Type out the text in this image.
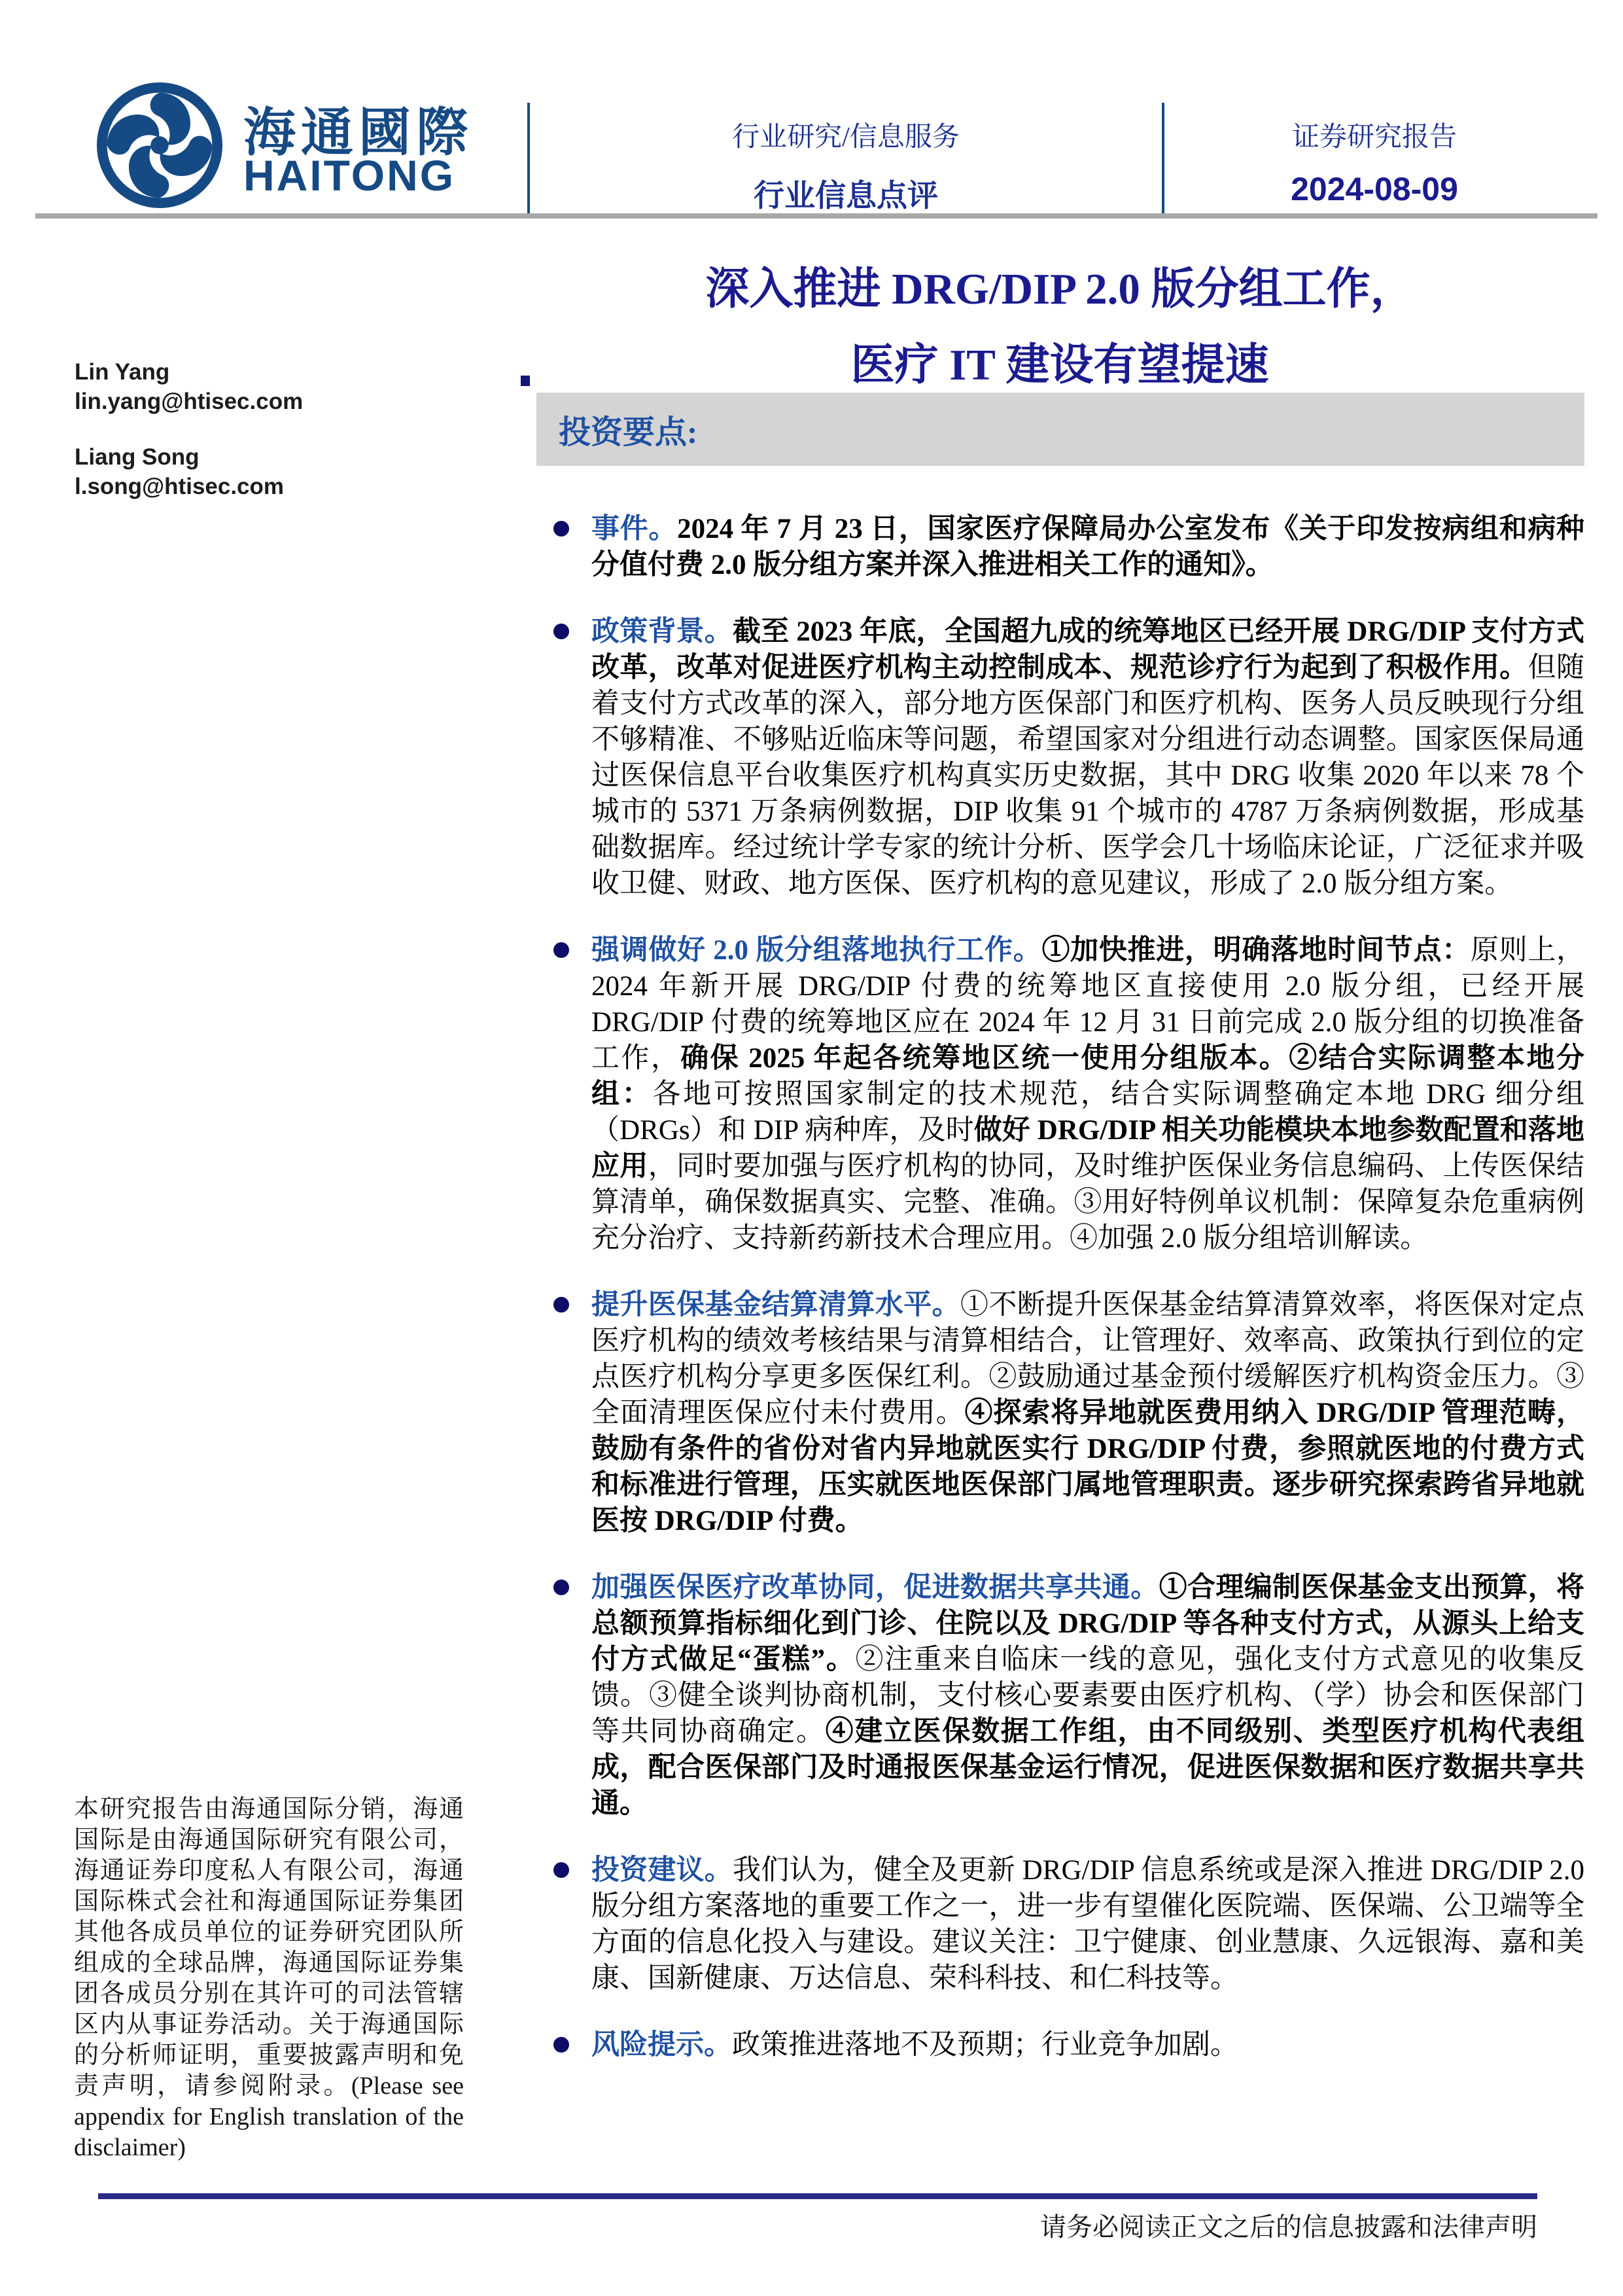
海通國際
HAITONG
行业研究/信息服务
行业信息点评
证券研究报告
2024-08-09
深入推进 DRG/DIP 2.0 版分组工作，
医疗 IT 建设有望提速
Lin Yang
lin.yang@htisec.com
Liang Song
l.song@htisec.com
投资要点:
事件。2024 年 7 月 23 日，国家医疗保障局办公室发布《关于印发按病组和病种分值付费 2.0 版分组方案并深入推进相关工作的通知》。
政策背景。截至 2023 年底，全国超九成的统筹地区已经开展 DRG/DIP 支付方式改革，改革对促进医疗机构主动控制成本、规范诊疗行为起到了积极作用。但随着支付方式改革的深入，部分地方医保部门和医疗机构、医务人员反映现行分组不够精准、不够贴近临床等问题，希望国家对分组进行动态调整。国家医保局通过医保信息平台收集医疗机构真实历史数据，其中 DRG 收集 2020 年以来 78 个城市的 5371 万条病例数据，DIP 收集 91 个城市的 4787 万条病例数据，形成基础数据库。经过统计学专家的统计分析、医学会几十场临床论证，广泛征求并吸收卫健、财政、地方医保、医疗机构的意见建议，形成了 2.0 版分组方案。
强调做好 2.0 版分组落地执行工作。①加快推进，明确落地时间节点：原则上，2024 年新开展 DRG/DIP 付费的统筹地区直接使用 2.0 版分组，已经开展 DRG/DIP 付费的统筹地区应在 2024 年 12 月 31 日前完成 2.0 版分组的切换准备工作，确保 2025 年起各统筹地区统一使用分组版本。②结合实际调整本地分组：各地可按照国家制定的技术规范，结合实际调整确定本地 DRG 细分组（DRGs）和 DIP 病种库，及时做好 DRG/DIP 相关功能模块本地参数配置和落地应用，同时要加强与医疗机构的协同，及时维护医保业务信息编码、上传医保结算清单，确保数据真实、完整、准确。③用好特例单议机制：保障复杂危重病例充分治疗、支持新药新技术合理应用。④加强 2.0 版分组培训解读。
提升医保基金结算清算水平。①不断提升医保基金结算清算效率，将医保对定点医疗机构的绩效考核结果与清算相结合，让管理好、效率高、政策执行到位的定点医疗机构分享更多医保红利。②鼓励通过基金预付缓解医疗机构资金压力。③全面清理医保应付未付费用。④探索将异地就医费用纳入 DRG/DIP 管理范畴，鼓励有条件的省份对省内异地就医实行 DRG/DIP 付费，参照就医地的付费方式和标准进行管理，压实就医地医保部门属地管理职责。逐步研究探索跨省异地就医按 DRG/DIP 付费。
加强医保医疗改革协同，促进数据共享共通。①合理编制医保基金支出预算，将总额预算指标细化到门诊、住院以及 DRG/DIP 等各种支付方式，从源头上给支付方式做足“蛋糕”。②注重来自临床一线的意见，强化支付方式意见的收集反馈。③健全谈判协商机制，支付核心要素要由医疗机构、（学）协会和医保部门等共同协商确定。④建立医保数据工作组，由不同级别、类型医疗机构代表组成，配合医保部门及时通报医保基金运行情况，促进医保数据和医疗数据共享共通。
投资建议。我们认为，健全及更新 DRG/DIP 信息系统或是深入推进 DRG/DIP 2.0 版分组方案落地的重要工作之一，进一步有望催化医院端、医保端、公卫端等全方面的信息化投入与建设。建议关注：卫宁健康、创业慧康、久远银海、嘉和美康、国新健康、万达信息、荣科科技、和仁科技等。
风险提示。政策推进落地不及预期；行业竞争加剧。
本研究报告由海通国际分销，海通国际是由海通国际研究有限公司，海通证券印度私人有限公司，海通国际株式会社和海通国际证券集团其他各成员单位的证券研究团队所组成的全球品牌，海通国际证券集团各成员分别在其许可的司法管辖区内从事证券活动。关于海通国际的分析师证明，重要披露声明和免责声明，请参阅附录。(Please see appendix for English translation of the disclaimer)
请务必阅读正文之后的信息披露和法律声明
